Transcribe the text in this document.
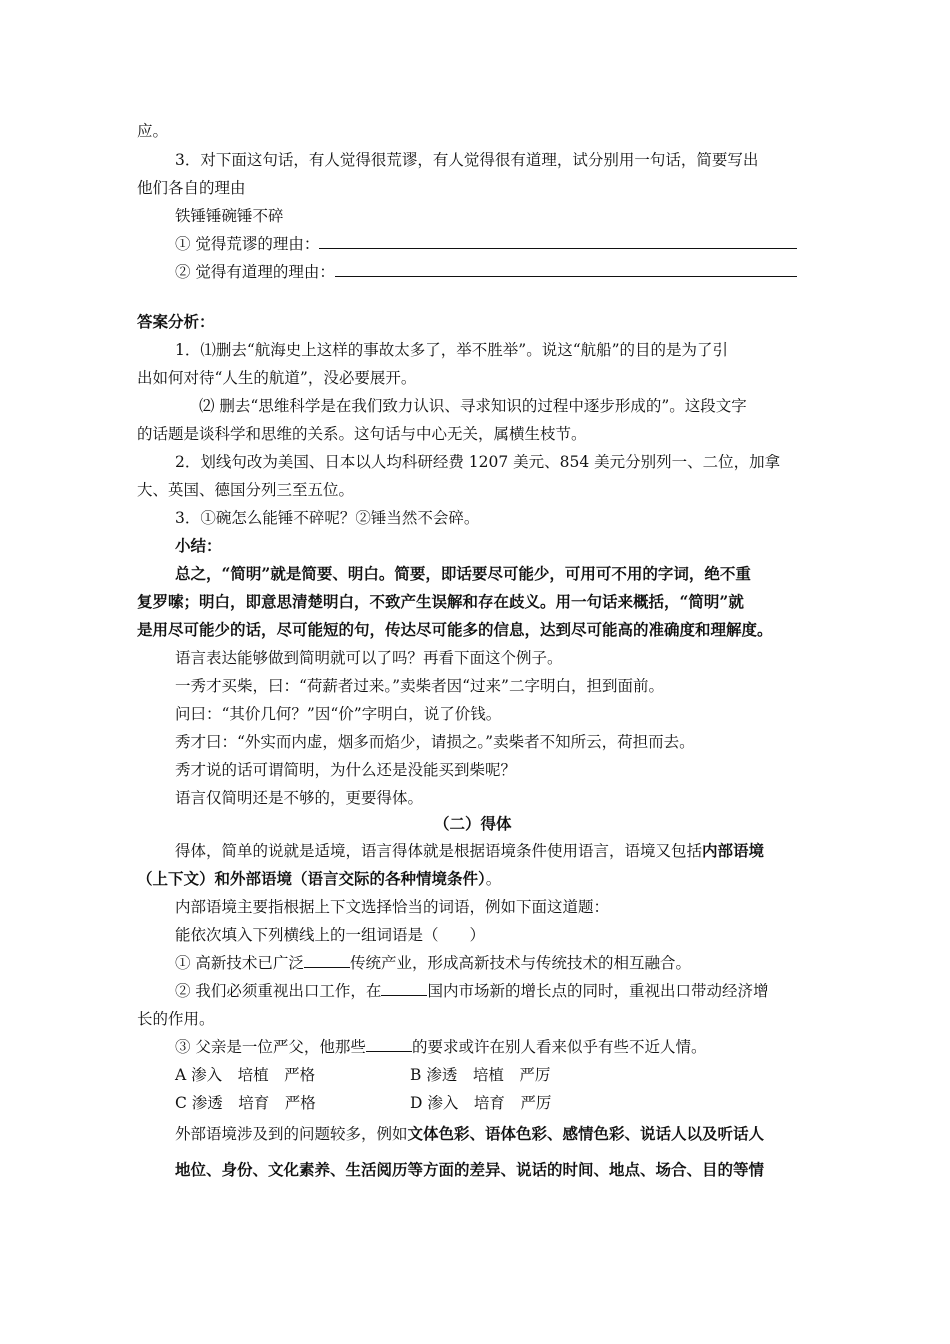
应。
3．对下面这句话，有人觉得很荒谬，有人觉得很有道理，试分别用一句话，简要写出
他们各自的理由
铁锤锤碗锤不碎
① 觉得荒谬的理由：
② 觉得有道理的理由：
答案分析：
1．⑴删去“航海史上这样的事故太多了，举不胜举”。说这“航船”的目的是为了引
出如何对待“人生的航道”，没必要展开。
⑵ 删去“思维科学是在我们致力认识、寻求知识的过程中逐步形成的”。这段文字
的话题是谈科学和思维的关系。这句话与中心无关，属横生枝节。
2．划线句改为美国、日本以人均科研经费 1207 美元、854 美元分别列一、二位，加拿
大、英国、德国分列三至五位。
3．①碗怎么能锤不碎呢？②锤当然不会碎。
小结：
总之，“简明”就是简要、明白。简要，即话要尽可能少，可用可不用的字词，绝不重
复罗嗦；明白，即意思清楚明白，不致产生误解和存在歧义。用一句话来概括，“简明”就
是用尽可能少的话，尽可能短的句，传达尽可能多的信息，达到尽可能高的准确度和理解度。
语言表达能够做到简明就可以了吗？再看下面这个例子。
一秀才买柴，曰：“荷薪者过来。”卖柴者因“过来”二字明白，担到面前。
问曰：“其价几何？”因“价”字明白，说了价钱。
秀才曰：“外实而内虚，烟多而焰少，请损之。”卖柴者不知所云，荷担而去。
秀才说的话可谓简明，为什么还是没能买到柴呢？
语言仅简明还是不够的，更要得体。
（二）得体
得体，简单的说就是适境，语言得体就是根据语境条件使用语言，语境又包括内部语境
（上下文）和外部语境（语言交际的各种情境条件）。
内部语境主要指根据上下文选择恰当的词语，例如下面这道题：
能依次填入下列横线上的一组词语是（　　）
① 高新技术已广泛	传统产业，形成高新技术与传统技术的相互融合。
② 我们必须重视出口工作，在	国内市场新的增长点的同时，重视出口带动经济增
长的作用。
③ 父亲是一位严父，他那些	的要求或许在别人看来似乎有些不近人情。
A 渗入　培植　严格	B 渗透　培植　严厉
C 渗透　培育　严格	D 渗入　培育　严厉
外部语境涉及到的问题较多，例如文体色彩、语体色彩、感情色彩、说话人以及听话人
地位、身份、文化素养、生活阅历等方面的差异、说话的时间、地点、场合、目的等情
